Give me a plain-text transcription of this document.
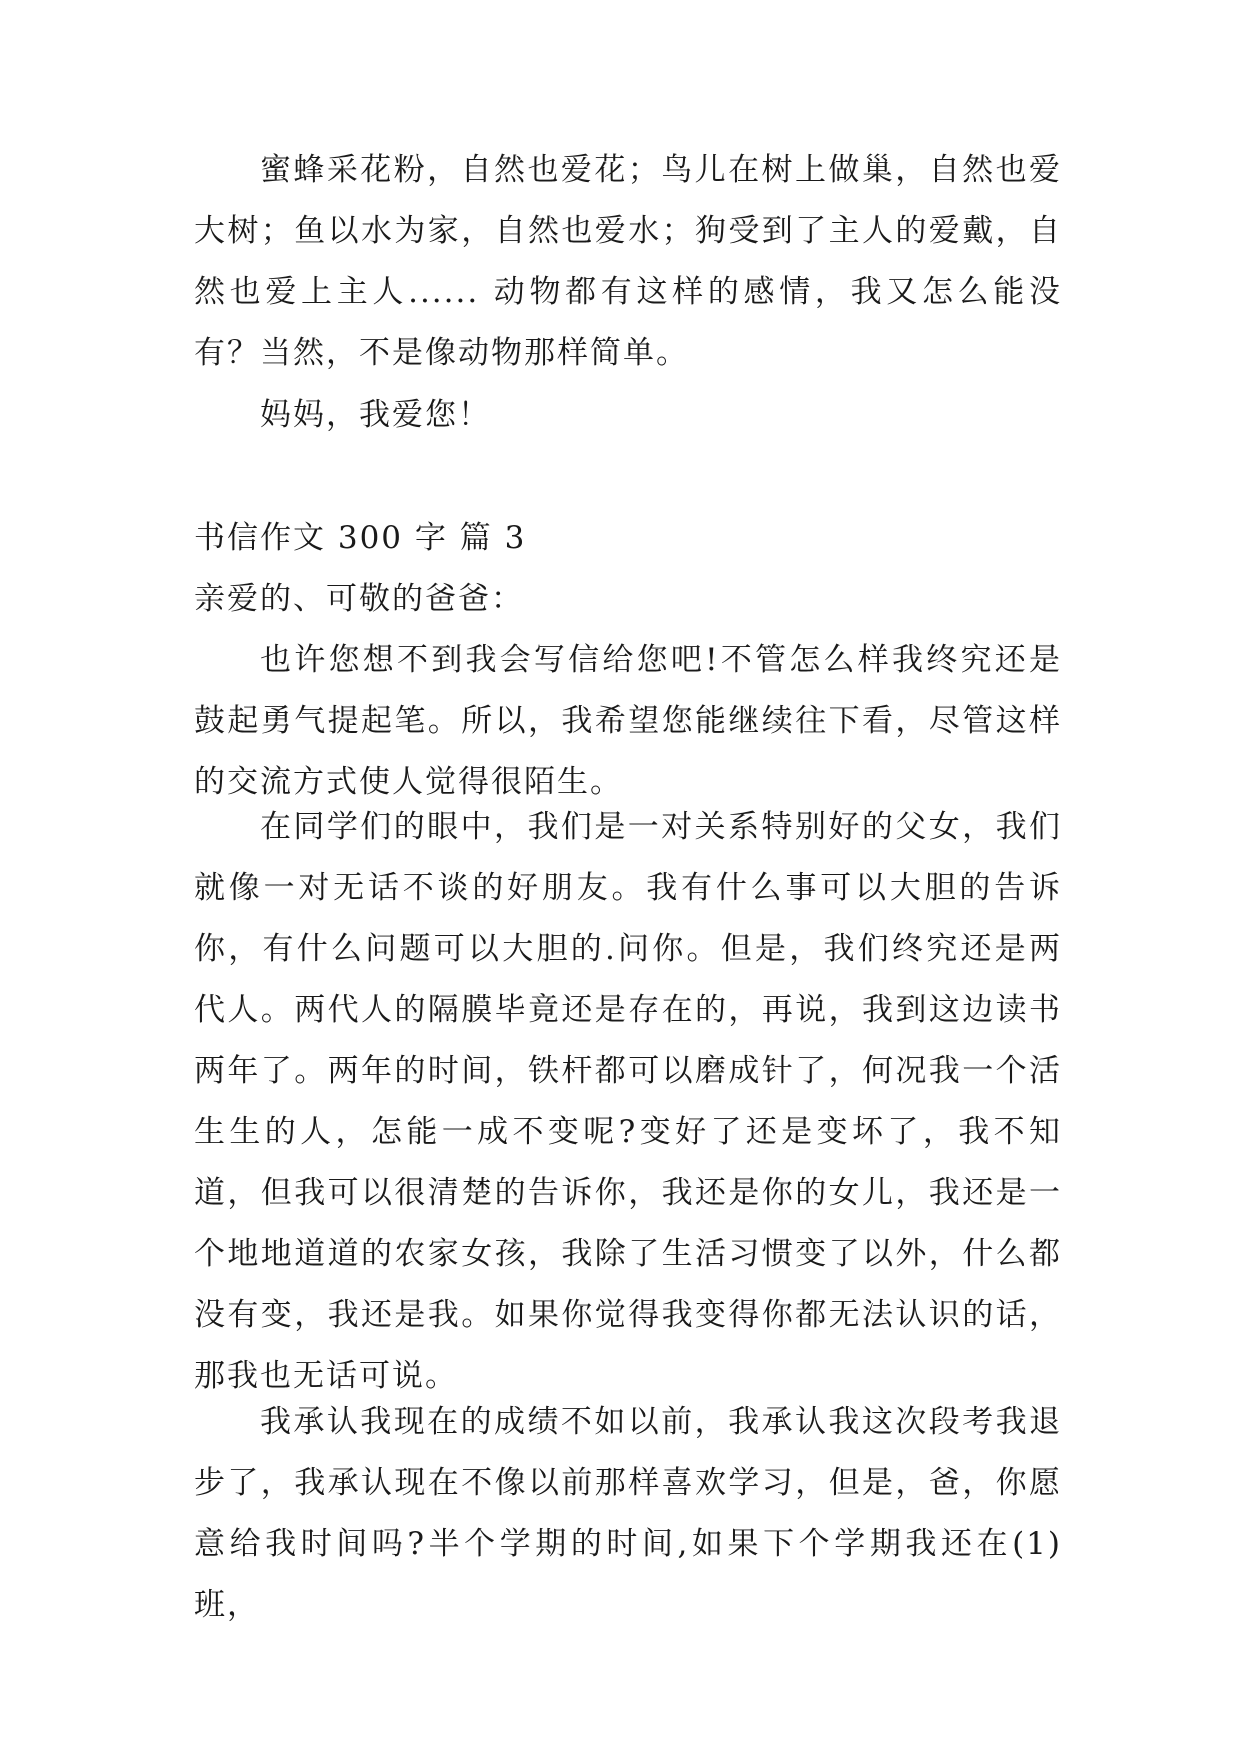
蜜蜂采花粉，自然也爱花；鸟儿在树上做巢，自然也爱大树；鱼以水为家，自然也爱水；狗受到了主人的爱戴，自然也爱上主人...... 动物都有这样的感情，我又怎么能没有？当然，不是像动物那样简单。

妈妈，我爱您！

书信作文 300 字 篇 3

亲爱的、可敬的爸爸：

也许您想不到我会写信给您吧!不管怎么样我终究还是鼓起勇气提起笔。所以，我希望您能继续往下看，尽管这样的交流方式使人觉得很陌生。

在同学们的眼中，我们是一对关系特别好的父女，我们就像一对无话不谈的好朋友。我有什么事可以大胆的告诉你，有什么问题可以大胆的.问你。但是，我们终究还是两代人。两代人的隔膜毕竟还是存在的，再说，我到这边读书两年了。两年的时间，铁杆都可以磨成针了，何况我一个活生生的人，怎能一成不变呢?变好了还是变坏了，我不知道，但我可以很清楚的告诉你，我还是你的女儿，我还是一个地地道道的农家女孩，我除了生活习惯变了以外，什么都没有变，我还是我。如果你觉得我变得你都无法认识的话，那我也无话可说。

我承认我现在的成绩不如以前，我承认我这次段考我退步了，我承认现在不像以前那样喜欢学习，但是，爸，你愿意给我时间吗?半个学期的时间,如果下个学期我还在(1)班，
